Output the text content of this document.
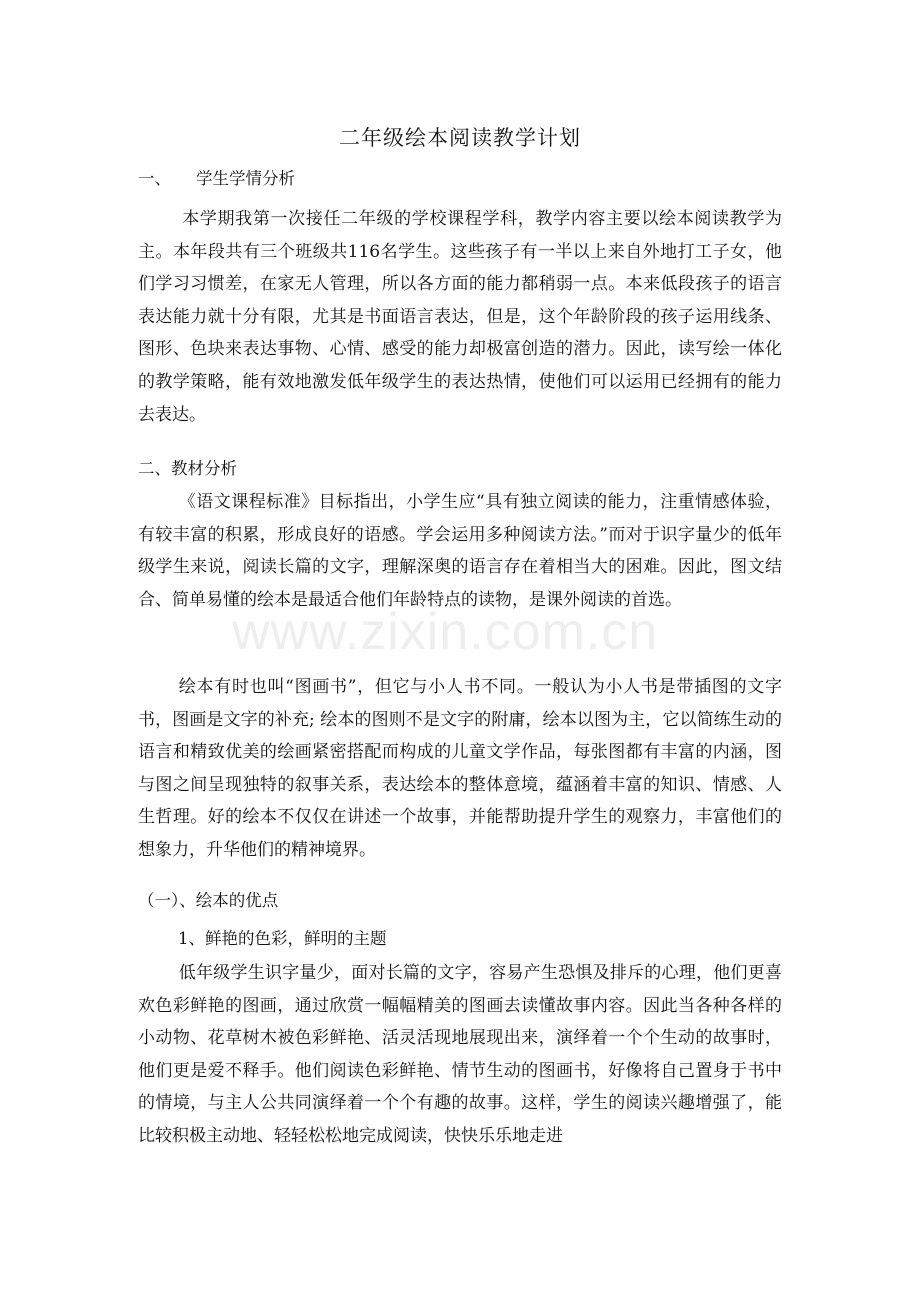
二年级绘本阅读教学计划
一、 学生学情分析
本学期我第一次接任二年级的学校课程学科，教学内容主要以绘本阅读教学为主。本年段共有三个班级共116名学生。这些孩子有一半以上来自外地打工子女，他们学习习惯差，在家无人管理，所以各方面的能力都稍弱一点。本来低段孩子的语言表达能力就十分有限，尤其是书面语言表达，但是，这个年龄阶段的孩子运用线条、图形、色块来表达事物、心情、感受的能力却极富创造的潜力。因此，读写绘一体化的教学策略，能有效地激发低年级学生的表达热情，使他们可以运用已经拥有的能力去表达。
二、教材分析
《语文课程标准》目标指出，小学生应“具有独立阅读的能力，注重情感体验，有较丰富的积累，形成良好的语感。学会运用多种阅读方法。”而对于识字量少的低年级学生来说，阅读长篇的文字，理解深奥的语言存在着相当大的困难。因此，图文结合、简单易懂的绘本是最适合他们年龄特点的读物，是课外阅读的首选。
绘本有时也叫“图画书”，但它与小人书不同。一般认为小人书是带插图的文字书，图画是文字的补充; 绘本的图则不是文字的附庸，绘本以图为主，它以简练生动的语言和精致优美的绘画紧密搭配而构成的儿童文学作品，每张图都有丰富的内涵，图与图之间呈现独特的叙事关系，表达绘本的整体意境，蕴涵着丰富的知识、情感、人生哲理。好的绘本不仅仅在讲述一个故事，并能帮助提升学生的观察力，丰富他们的想象力，升华他们的精神境界。
（一）、绘本的优点
1、鲜艳的色彩，鲜明的主题
低年级学生识字量少，面对长篇的文字，容易产生恐惧及排斥的心理，他们更喜欢色彩鲜艳的图画，通过欣赏一幅幅精美的图画去读懂故事内容。因此当各种各样的小动物、花草树木被色彩鲜艳、活灵活现地展现出来，演绎着一个个生动的故事时，他们更是爱不释手。他们阅读色彩鲜艳、情节生动的图画书，好像将自己置身于书中的情境，与主人公共同演绎着一个个有趣的故事。这样，学生的阅读兴趣增强了，能比较积极主动地、轻轻松松地完成阅读，快快乐乐地走进
www.zixin.com.cn
